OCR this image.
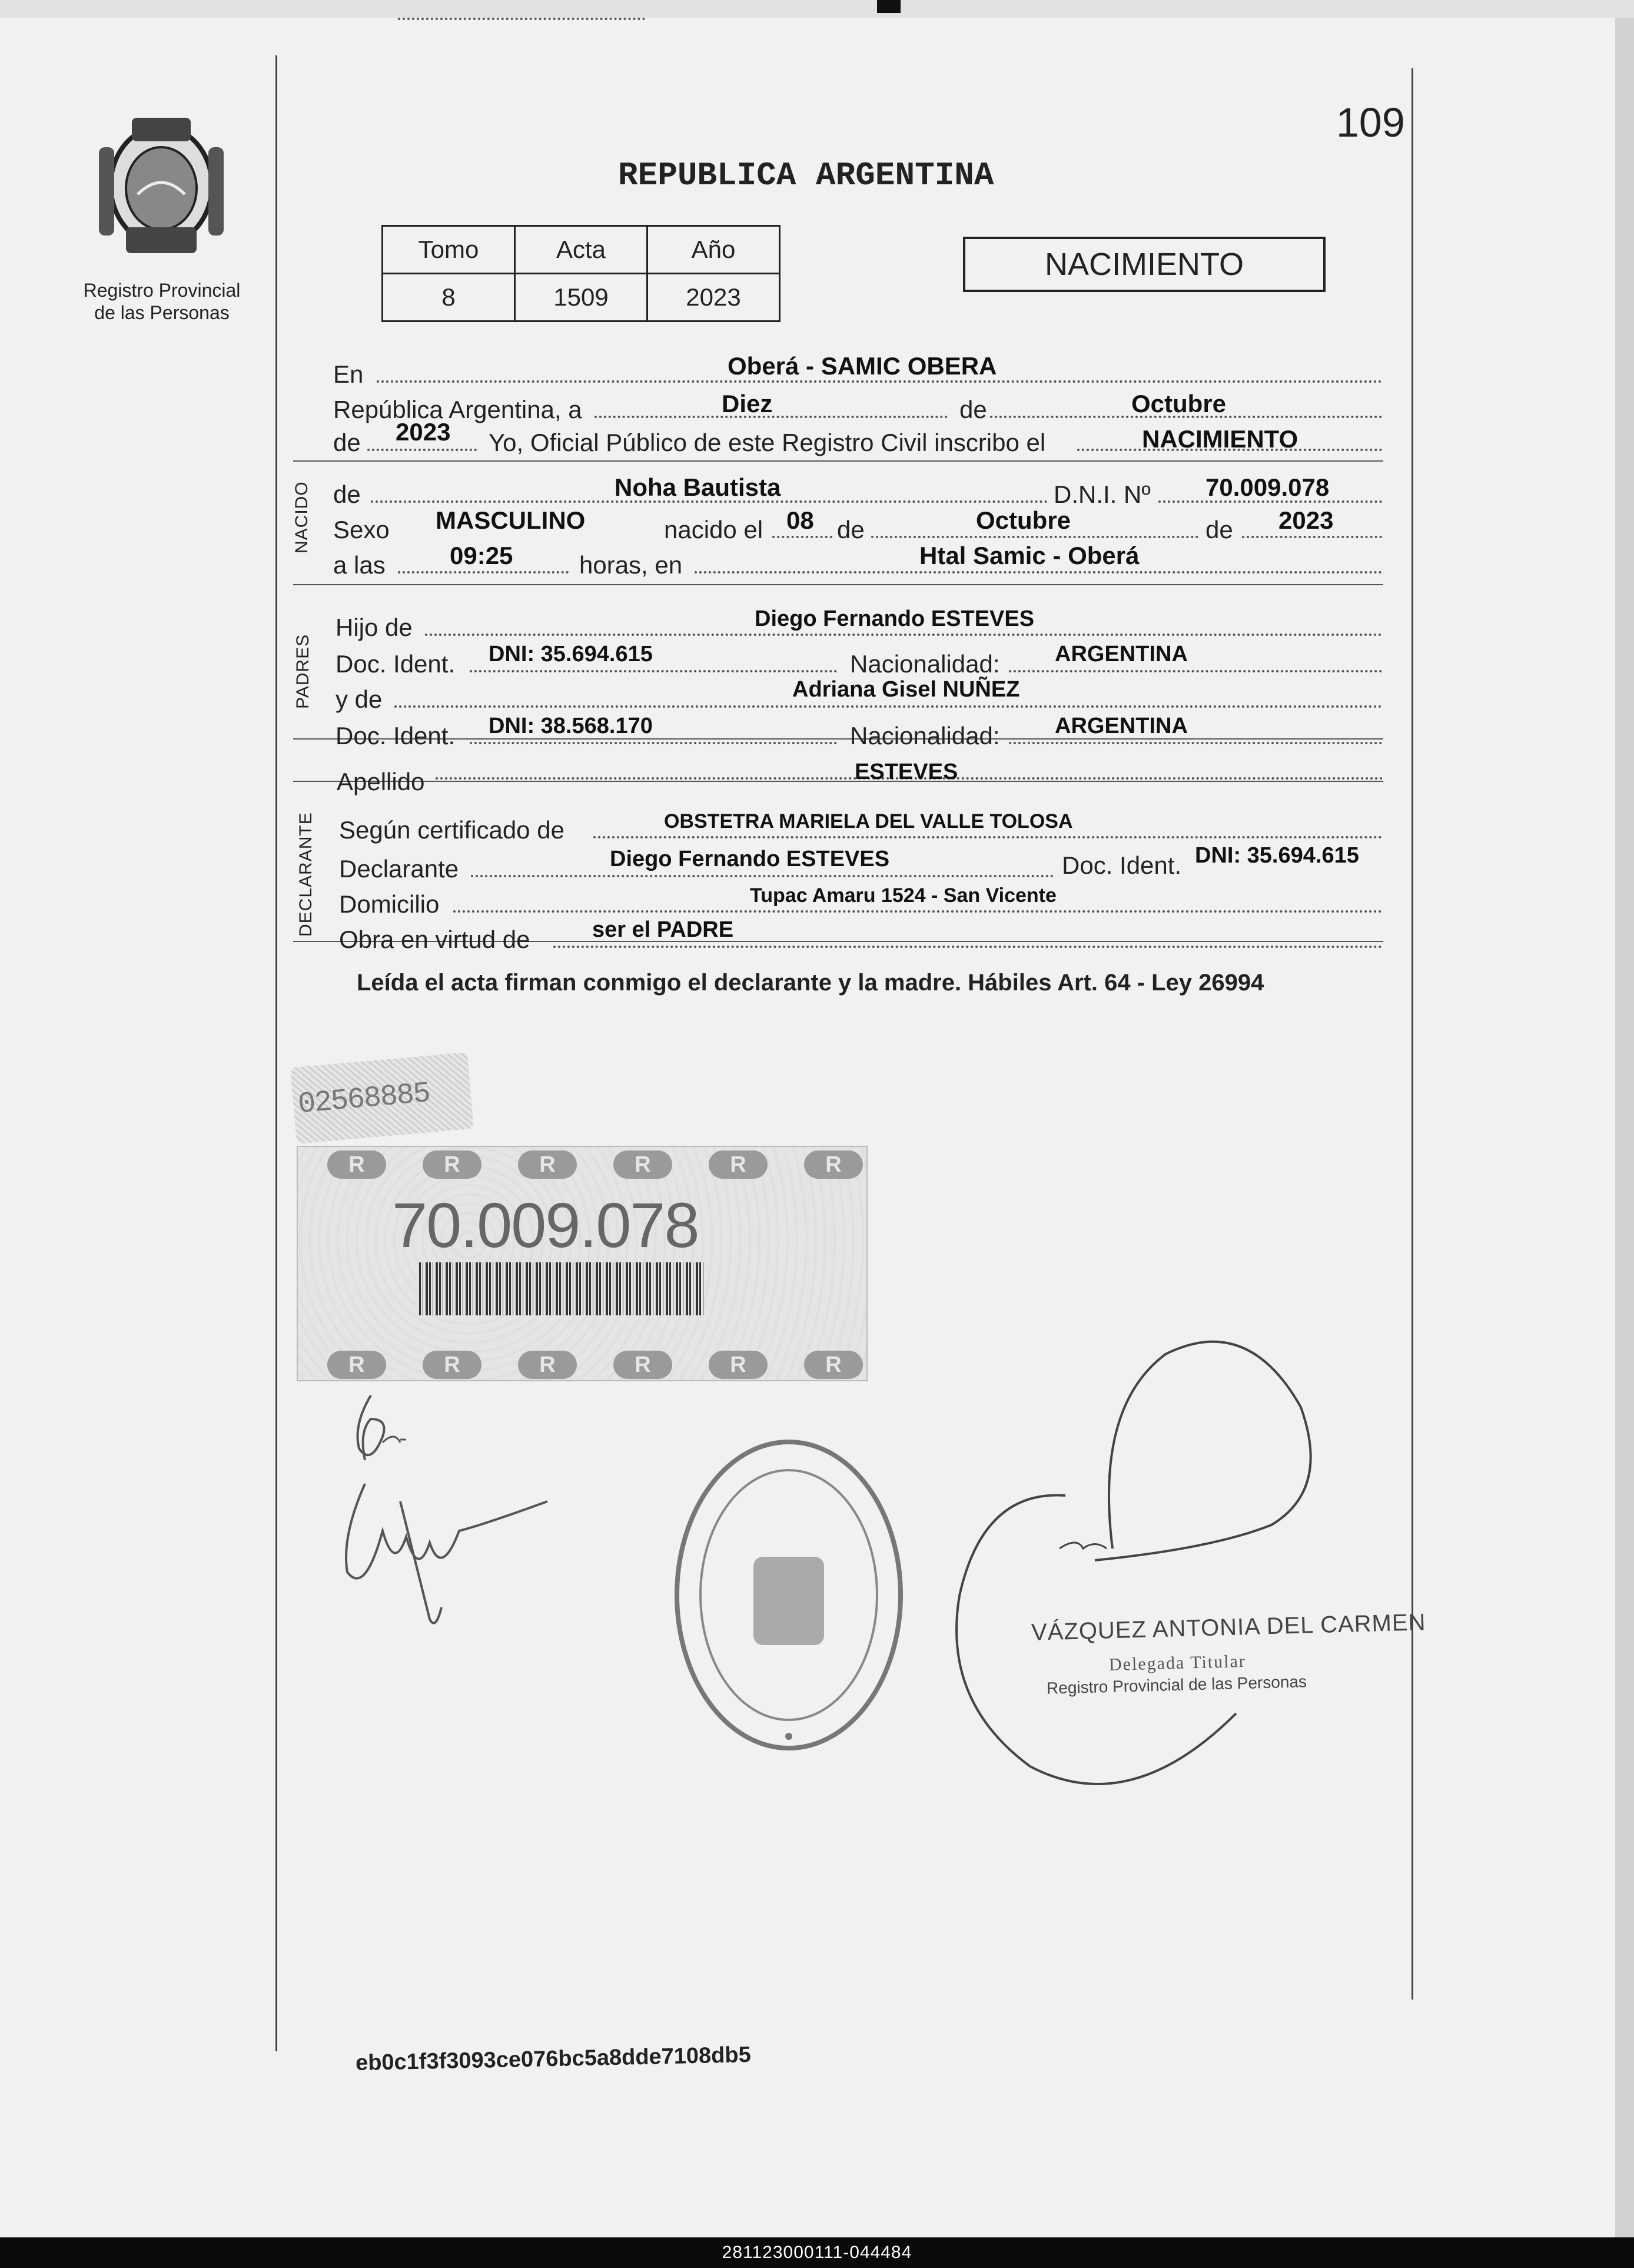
Registro Provincial
de las Personas
109
REPUBLICA ARGENTINA
Tomo	Acta	Año
8	1509	2023
NACIMIENTO
NACIDO
PADRES
DECLARANTE
En	Oberá - SAMIC OBERA
República Argentina, a	Diez	de	Octubre
de 2023 Yo, Oficial Público de este Registro Civil inscribo el	NACIMIENTO
de	Noha Bautista	D.N.I. Nº 70.009.078
Sexo MASCULINO	nacido el 08 de	Octubre	de 2023
a las	09:25	horas, en	Htal Samic - Oberá
Hijo de	Diego Fernando ESTEVES
Doc. Ident. DNI: 35.694.615	Nacionalidad: ARGENTINA
y de	Adriana Gisel NUÑEZ
Doc. Ident. DNI: 38.568.170	Nacionalidad: ARGENTINA
Apellido	ESTEVES
Según certificado de	OBSTETRA MARIELA DEL VALLE TOLOSA
Declarante	Diego Fernando ESTEVES	Doc. Ident. DNI: 35.694.615
Domicilio	Tupac Amaru 1524 - San Vicente
Obra en virtud de	ser el PADRE
Leída el acta firman conmigo el declarante y la madre. Hábiles Art. 64 - Ley 26994
02568885
R	R	R	R	R	R
70.009.078
R	R	R	R	R	R
VÁZQUEZ ANTONIA DEL CARMEN
Delegada Titular
Registro Provincial de las Personas
eb0c1f3f3093ce076bc5a8dde7108db5
281123000111-044484
